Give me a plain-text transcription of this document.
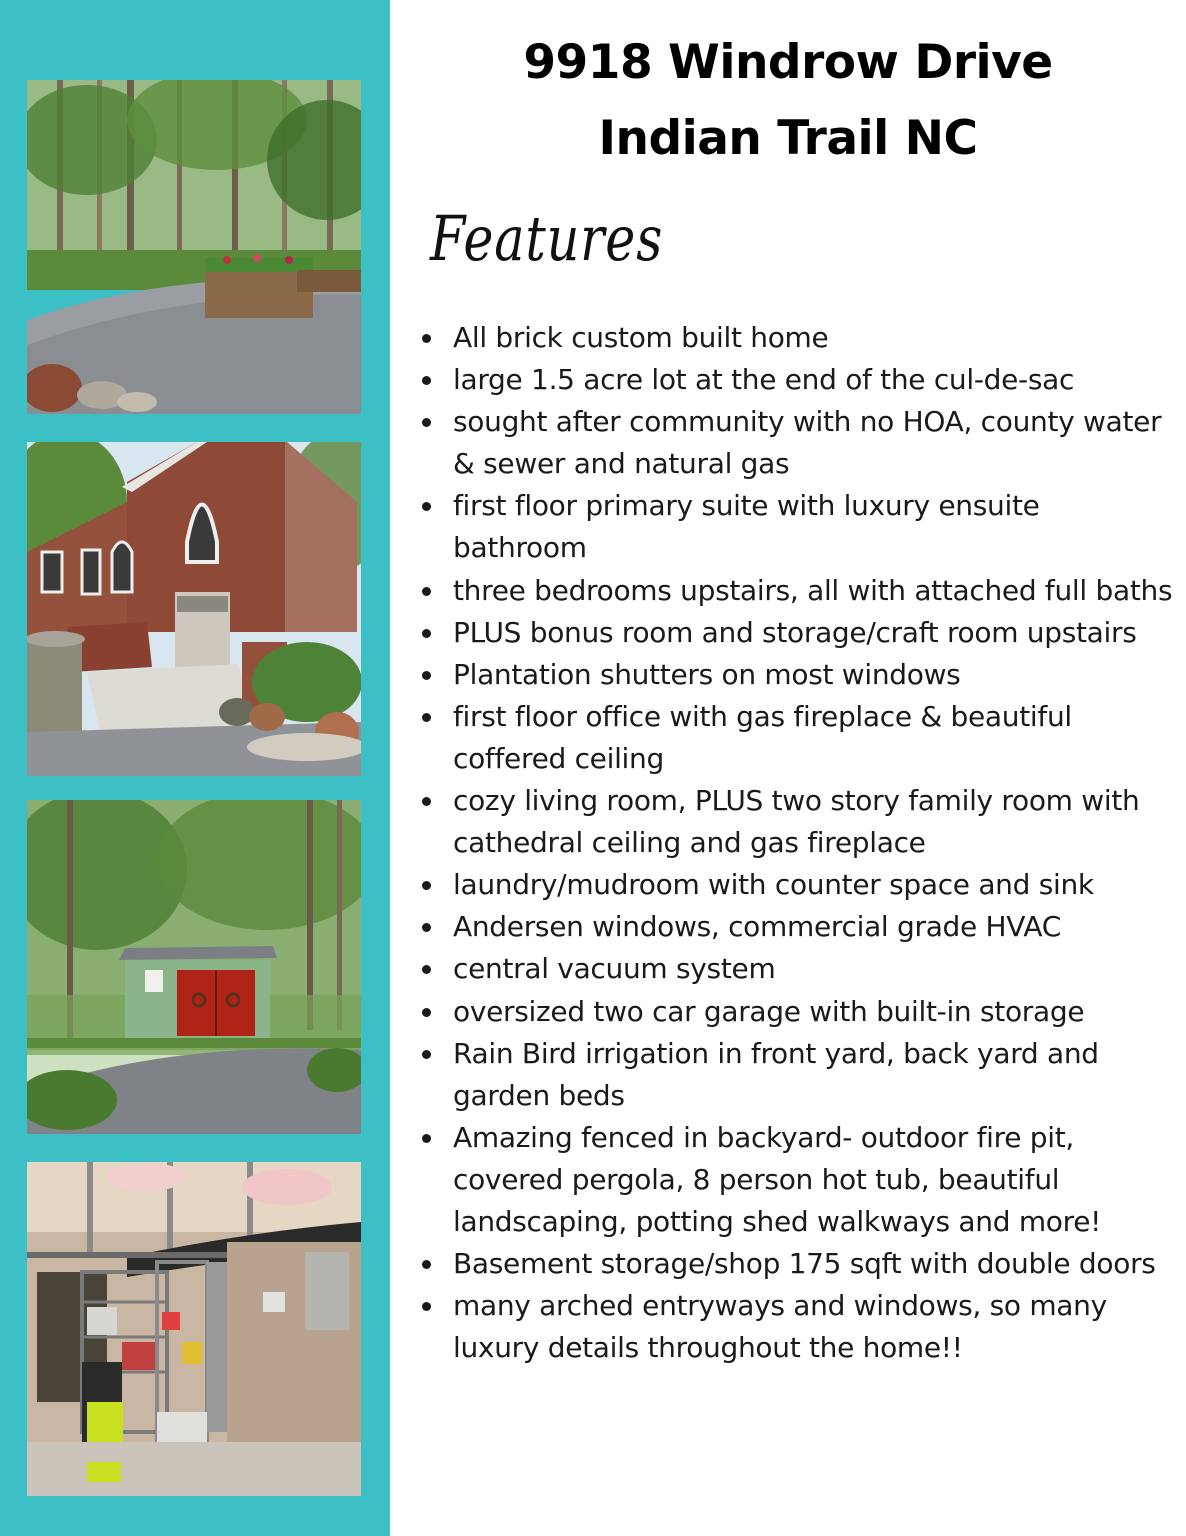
9918 Windrow Drive
Indian Trail NC
Features
All brick custom built home
large 1.5 acre lot at the end of the cul-de-sac
sought after community with no HOA, county water & sewer and natural gas
first floor primary suite with luxury ensuite bathroom
three bedrooms upstairs, all with attached full baths
PLUS bonus room and storage/craft room upstairs
Plantation shutters on most windows
first floor office with gas fireplace & beautiful coffered ceiling
cozy living room, PLUS two story family room with cathedral ceiling and gas fireplace
laundry/mudroom with counter space and sink
Andersen windows, commercial grade HVAC
central vacuum system
oversized two car garage with built-in storage
Rain Bird irrigation in front yard, back yard and garden beds
Amazing fenced in backyard- outdoor fire pit, covered pergola, 8 person hot tub, beautiful landscaping, potting shed walkways and more!
Basement storage/shop 175 sqft with double doors
many arched entryways and windows, so many luxury details throughout the home!!
